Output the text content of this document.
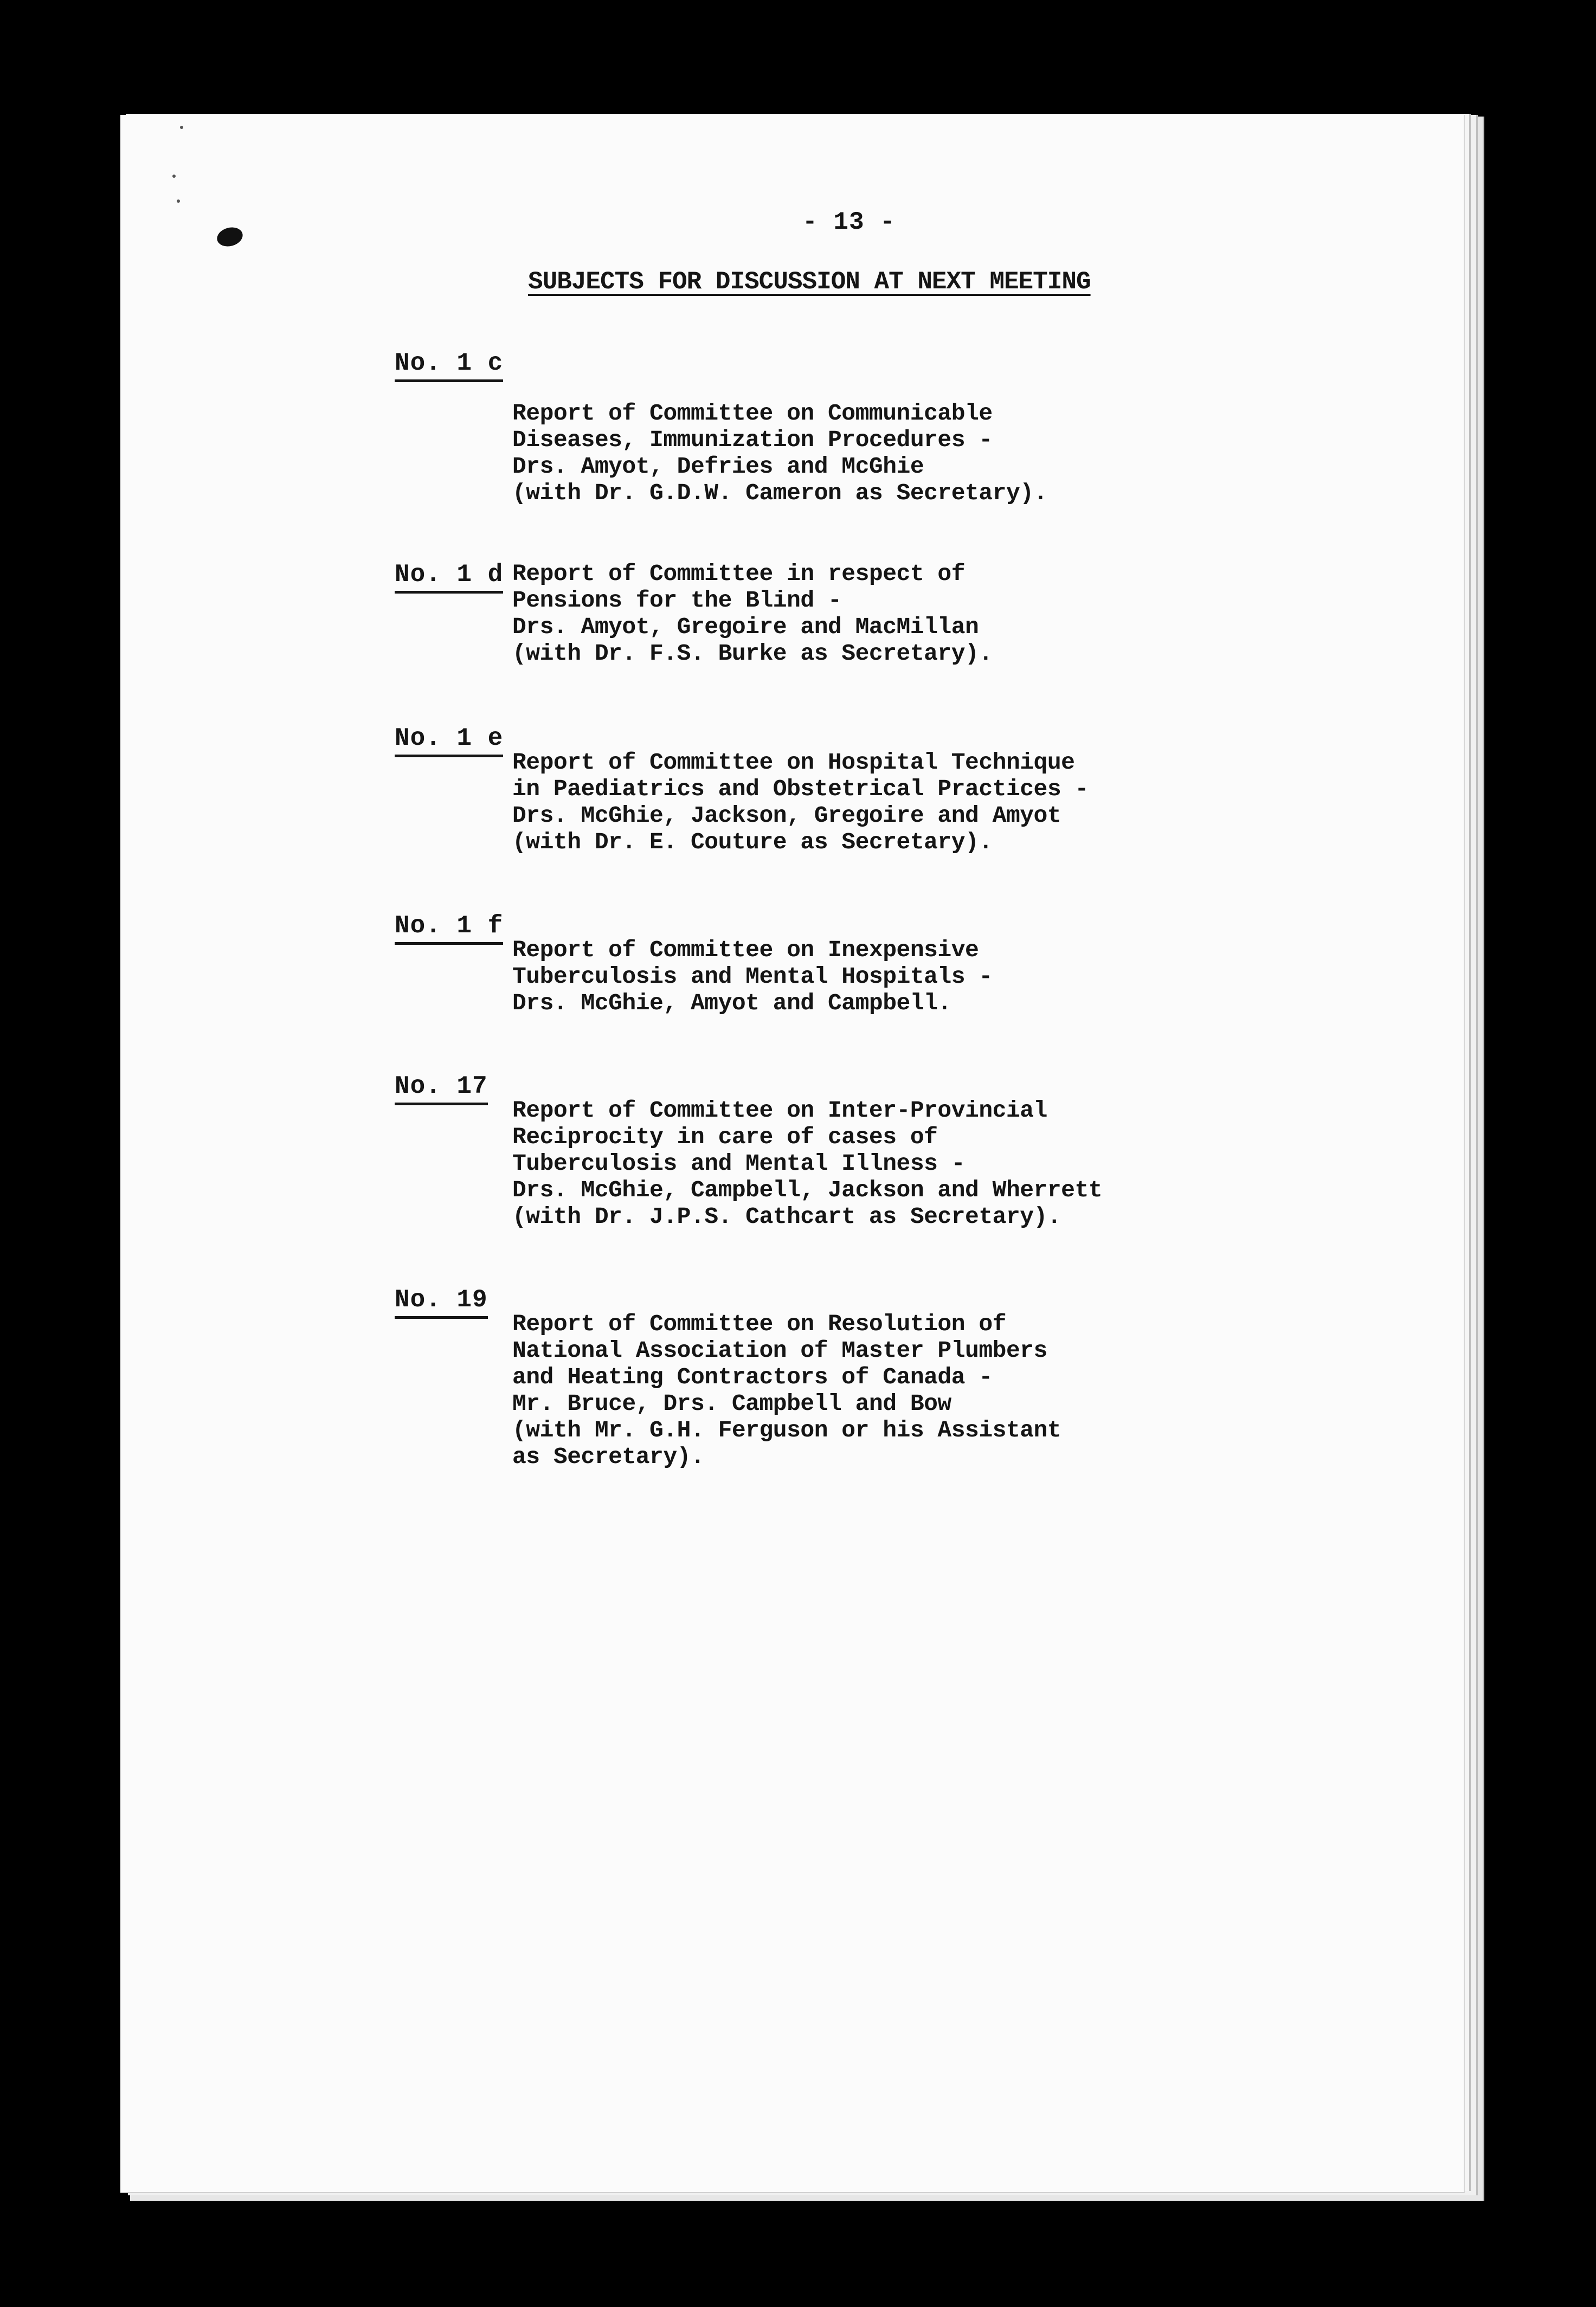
- 13 -
SUBJECTS FOR DISCUSSION AT NEXT MEETING
No. 1 c
Report of Committee on Communicable
Diseases, Immunization Procedures -
Drs. Amyot, Defries and McGhie
(with Dr. G.D.W. Cameron as Secretary).
No. 1 d Report of Committee in respect of
Pensions for the Blind -
Drs. Amyot, Gregoire and MacMillan
(with Dr. F.S. Burke as Secretary).
No. 1 e
Report of Committee on Hospital Technique
in Paediatrics and Obstetrical Practices -
Drs. McGhie, Jackson, Gregoire and Amyot
(with Dr. E. Couture as Secretary).
No. 1 f
Report of Committee on Inexpensive
Tuberculosis and Mental Hospitals -
Drs. McGhie, Amyot and Campbell.
No. 17
Report of Committee on Inter-Provincial
Reciprocity in care of cases of
Tuberculosis and Mental Illness -
Drs. McGhie, Campbell, Jackson and Wherrett
(with Dr. J.P.S. Cathcart as Secretary).
No. 19
Report of Committee on Resolution of
National Association of Master Plumbers
and Heating Contractors of Canada -
Mr. Bruce, Drs. Campbell and Bow
(with Mr. G.H. Ferguson or his Assistant
as Secretary).
